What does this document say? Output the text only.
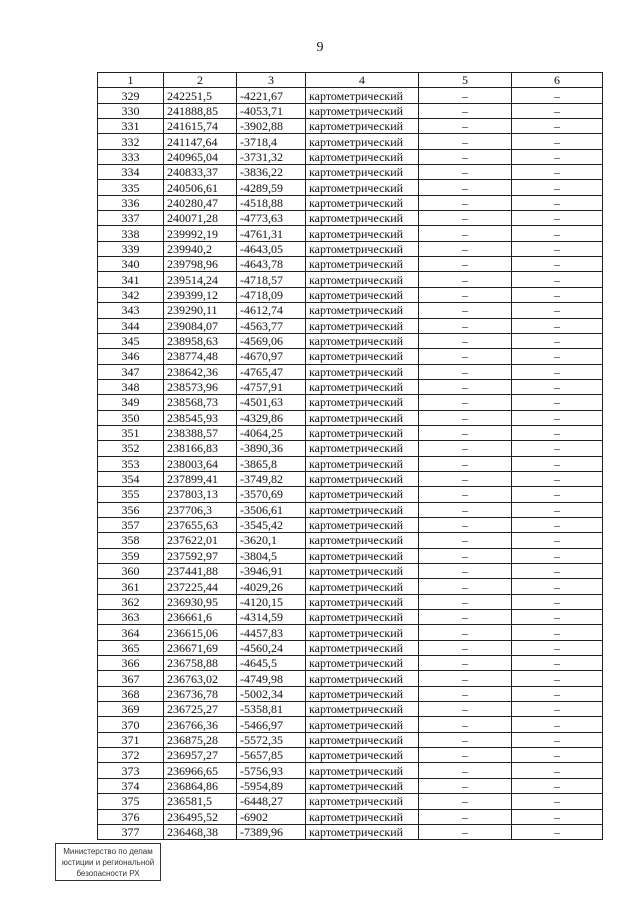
9
1	2	3	4	5	6
329	242251,5	-4221,67	картометрический	–	–
330	241888,85	-4053,71	картометрический	–	–
331	241615,74	-3902,88	картометрический	–	–
332	241147,64	-3718,4	картометрический	–	–
333	240965,04	-3731,32	картометрический	–	–
334	240833,37	-3836,22	картометрический	–	–
335	240506,61	-4289,59	картометрический	–	–
336	240280,47	-4518,88	картометрический	–	–
337	240071,28	-4773,63	картометрический	–	–
338	239992,19	-4761,31	картометрический	–	–
339	239940,2	-4643,05	картометрический	–	–
340	239798,96	-4643,78	картометрический	–	–
341	239514,24	-4718,57	картометрический	–	–
342	239399,12	-4718,09	картометрический	–	–
343	239290,11	-4612,74	картометрический	–	–
344	239084,07	-4563,77	картометрический	–	–
345	238958,63	-4569,06	картометрический	–	–
346	238774,48	-4670,97	картометрический	–	–
347	238642,36	-4765,47	картометрический	–	–
348	238573,96	-4757,91	картометрический	–	–
349	238568,73	-4501,63	картометрический	–	–
350	238545,93	-4329,86	картометрический	–	–
351	238388,57	-4064,25	картометрический	–	–
352	238166,83	-3890,36	картометрический	–	–
353	238003,64	-3865,8	картометрический	–	–
354	237899,41	-3749,82	картометрический	–	–
355	237803,13	-3570,69	картометрический	–	–
356	237706,3	-3506,61	картометрический	–	–
357	237655,63	-3545,42	картометрический	–	–
358	237622,01	-3620,1	картометрический	–	–
359	237592,97	-3804,5	картометрический	–	–
360	237441,88	-3946,91	картометрический	–	–
361	237225,44	-4029,26	картометрический	–	–
362	236930,95	-4120,15	картометрический	–	–
363	236661,6	-4314,59	картометрический	–	–
364	236615,06	-4457,83	картометрический	–	–
365	236671,69	-4560,24	картометрический	–	–
366	236758,88	-4645,5	картометрический	–	–
367	236763,02	-4749,98	картометрический	–	–
368	236736,78	-5002,34	картометрический	–	–
369	236725,27	-5358,81	картометрический	–	–
370	236766,36	-5466,97	картометрический	–	–
371	236875,28	-5572,35	картометрический	–	–
372	236957,27	-5657,85	картометрический	–	–
373	236966,65	-5756,93	картометрический	–	–
374	236864,86	-5954,89	картометрический	–	–
375	236581,5	-6448,27	картометрический	–	–
376	236495,52	-6902	картометрический	–	–
377	236468,38	-7389,96	картометрический	–	–
Министерство по делам
юстиции и региональной
безопасности РХ
